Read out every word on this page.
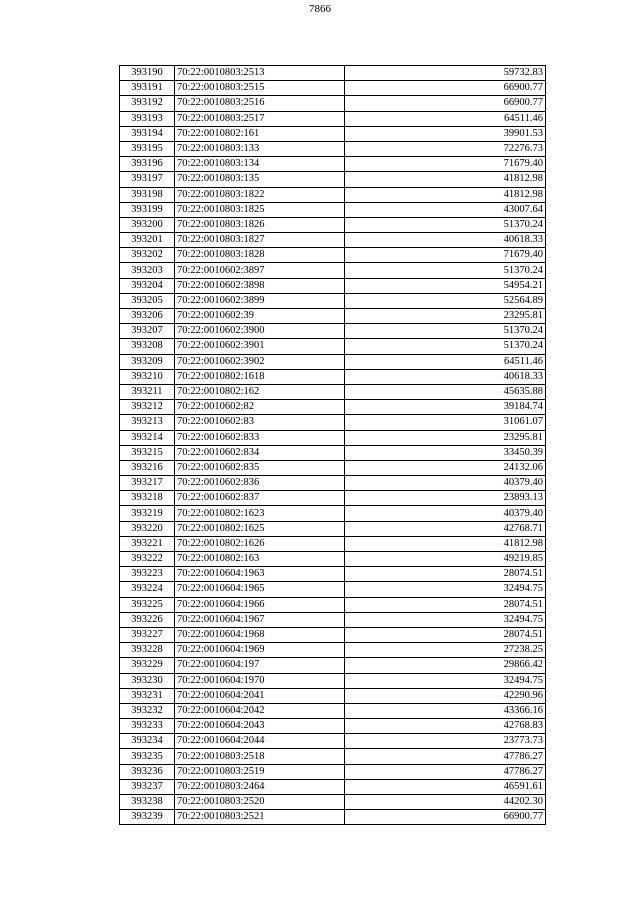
7866
393190	70:22:0010803:2513	59732.83
393191	70:22:0010803:2515	66900.77
393192	70:22:0010803:2516	66900.77
393193	70:22:0010803:2517	64511.46
393194	70:22:0010802:161	39901.53
393195	70:22:0010803:133	72276.73
393196	70:22:0010803:134	71679.40
393197	70:22:0010803:135	41812.98
393198	70:22:0010803:1822	41812.98
393199	70:22:0010803:1825	43007.64
393200	70:22:0010803:1826	51370.24
393201	70:22:0010803:1827	40618.33
393202	70:22:0010803:1828	71679.40
393203	70:22:0010602:3897	51370.24
393204	70:22:0010602:3898	54954.21
393205	70:22:0010602:3899	52564.89
393206	70:22:0010602:39	23295.81
393207	70:22:0010602:3900	51370.24
393208	70:22:0010602:3901	51370.24
393209	70:22:0010602:3902	64511.46
393210	70:22:0010802:1618	40618.33
393211	70:22:0010802:162	45635.88
393212	70:22:0010602:82	39184.74
393213	70:22:0010602:83	31061.07
393214	70:22:0010602:833	23295.81
393215	70:22:0010602:834	33450.39
393216	70:22:0010602:835	24132.06
393217	70:22:0010602:836	40379.40
393218	70:22:0010602:837	23893.13
393219	70:22:0010802:1623	40379.40
393220	70:22:0010802:1625	42768.71
393221	70:22:0010802:1626	41812.98
393222	70:22:0010802:163	49219.85
393223	70:22:0010604:1963	28074.51
393224	70:22:0010604:1965	32494.75
393225	70:22:0010604:1966	28074.51
393226	70:22:0010604:1967	32494.75
393227	70:22:0010604:1968	28074.51
393228	70:22:0010604:1969	27238.25
393229	70:22:0010604:197	29866.42
393230	70:22:0010604:1970	32494.75
393231	70:22:0010604:2041	42290.96
393232	70:22:0010604:2042	43366.16
393233	70:22:0010604:2043	42768.83
393234	70:22:0010604:2044	23773.73
393235	70:22:0010803:2518	47786.27
393236	70:22:0010803:2519	47786.27
393237	70:22:0010803:2464	46591.61
393238	70:22:0010803:2520	44202.30
393239	70:22:0010803:2521	66900.77
